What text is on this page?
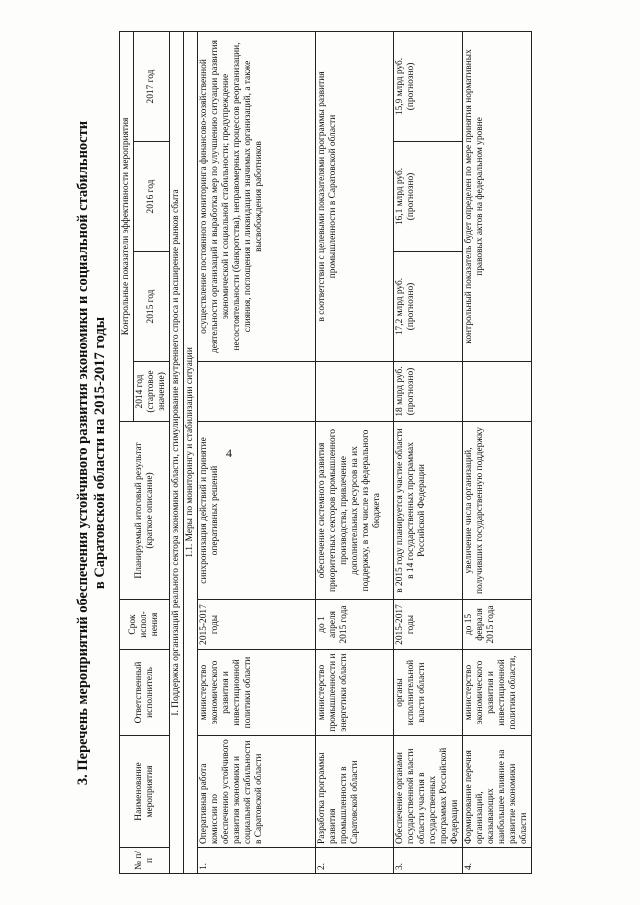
4
3. Перечень мероприятий обеспечения устойчивого развития экономики и социальной стабильности в Саратовской области на 2015-2017 годы
№ п/п	Наименование мероприятия	Ответственный исполнитель	Срок испол-нения	Планируемый итоговый результат (краткое описание)	Контрольные показатели эффективности мероприятия			
					2014 год (стартовое значение)	2015 год	2016 год	2017 год
I. Поддержка организаций реального сектора экономики области, стимулирование внутреннего спроса и расширение рынков сбыта								
1.1. Меры по мониторингу и стабилизации ситуации								
1.	Оперативная работа комиссии по обеспечению устойчивого развития экономики и социальной стабильности в Саратовской области	министерство экономического развития и инвестиционной политики области	2015-2017 годы	синхронизация действий и принятие оперативных решений		осуществление постоянного мониторинга финансово-хозяйственной деятельности организаций и выработка мер по улучшению ситуации развития экономической и социальной стабильности; предупреждение несостоятельности (банкротства), неправомерных процессов реорганизации, слияния, поглощения и ликвидации значимых организаций, а также высвобождения работников		
2.	Разработка программы развития промышленности в Саратовской области	министерство промышленности и энергетики области	до 1 апреля 2015 года	обеспечение системного развития приоритетных секторов промышленного производства, привлечение дополнительных ресурсов на их поддержку, в том числе из федерального бюджета		в соответствии с целевыми показателями программы развития промышленности в Саратовской области		
3.	Обеспечение органами государственной власти области участия в государственных программах Российской Федерации	органы исполнительной власти области	2015-2017 годы	в 2015 году планируется участие области в 14 государственных программах Российской Федерации	18 млрд руб. (прогнозно)	17,2 млрд руб. (прогнозно)	16,1 млрд руб. (прогнозно)	15,9 млрд руб. (прогнозно)
4.	Формирование перечня организаций, оказывающих наибольшее влияние на развитие экономики области	министерство экономического развития и инвестиционной политики области,	до 15 февраля 2015 года	увеличение числа организаций, получивших государственную поддержку		контрольный показатель будет определен по мере принятия нормативных правовых актов на федеральном уровне		
